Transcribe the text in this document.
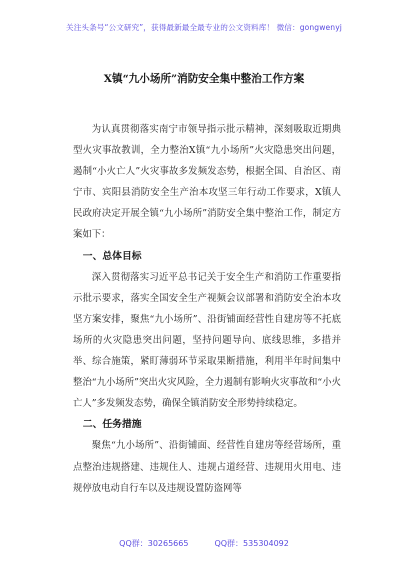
关注头条号“公文研究”，获得最新最全最专业的公文资料库！ 微信：gongwenyj
X镇“九小场所”消防安全集中整治工作方案

为认真贯彻落实南宁市领导指示批示精神，深刻吸取近期典型火灾事故教训，全力整治X镇“九小场所”火灾隐患突出问题，遏制“小火亡人”火灾事故多发频发态势，根据全国、自治区、南宁市、宾阳县消防安全生产治本攻坚三年行动工作要求，X镇人民政府决定开展全镇“九小场所”消防安全集中整治工作，制定方案如下：

一、总体目标

深入贯彻落实习近平总书记关于安全生产和消防工作重要指示批示要求，落实全国安全生产视频会议部署和消防安全治本攻坚方案安排，聚焦“九小场所”、沿街铺面经营性自建房等不托底场所的火灾隐患突出问题，坚持问题导向、底线思维，多措并举、综合施策，紧盯薄弱环节采取果断措施，利用半年时间集中整治“九小场所”突出火灾风险，全力遏制有影响火灾事故和“小火亡人”多发频发态势，确保全镇消防安全形势持续稳定。

二、任务措施

聚焦“九小场所”、沿街铺面、经营性自建房等经营场所，重点整治违规搭建、违规住人、违规占道经营、违规用火用电、违规停放电动自行车以及违规设置防盗网等

QQ群：30265665	QQ群：535304092
